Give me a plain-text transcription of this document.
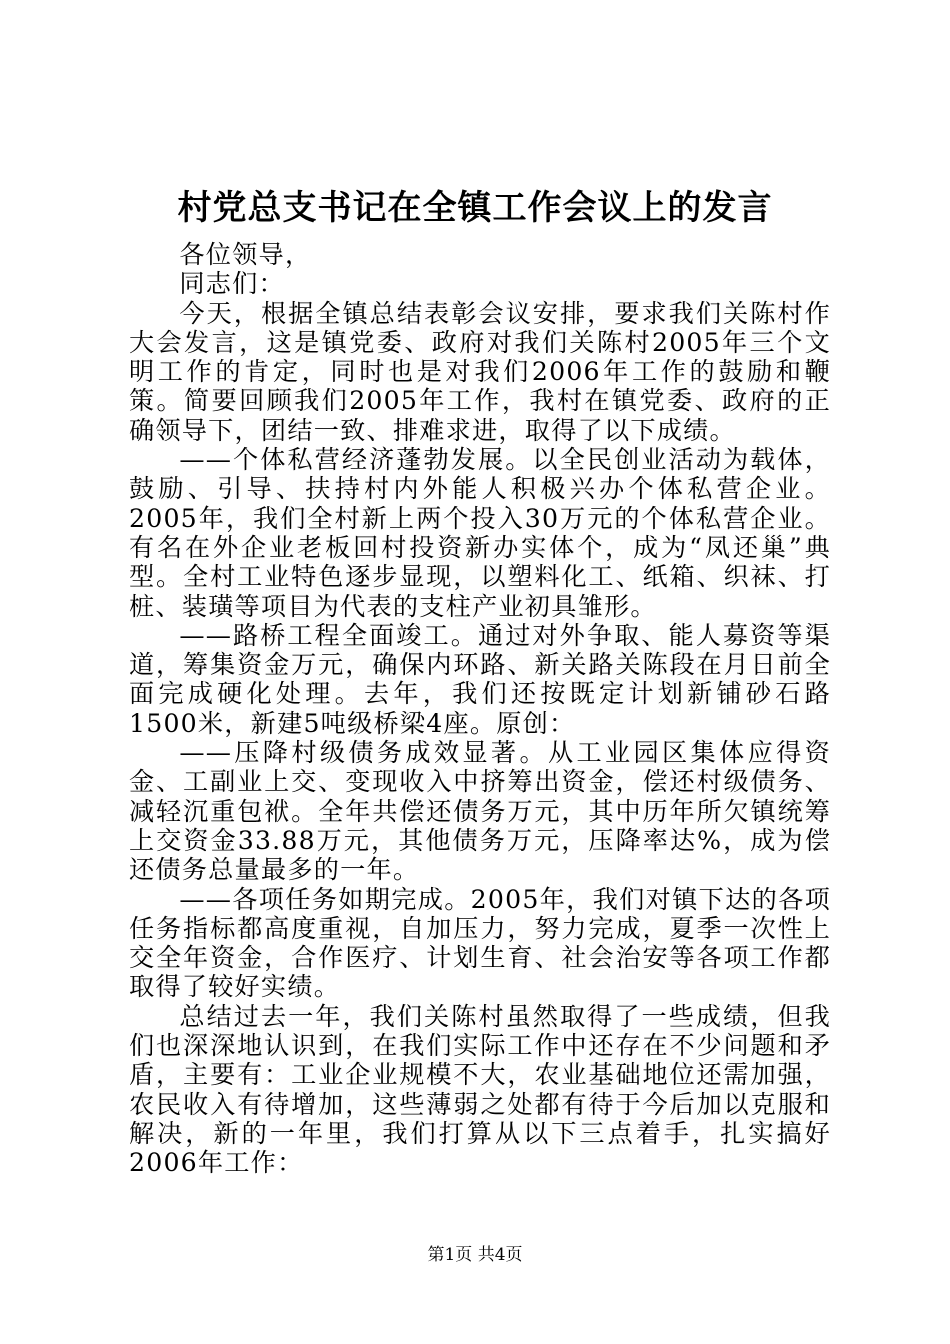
村党总支书记在全镇工作会议上的发言

各位领导，

同志们：

今天，根据全镇总结表彰会议安排，要求我们关陈村作大会发言，这是镇党委、政府对我们关陈村2005年三个文明工作的肯定，同时也是对我们2006年工作的鼓励和鞭策。简要回顾我们2005年工作，我村在镇党委、政府的正确领导下，团结一致、排难求进，取得了以下成绩。

——个体私营经济蓬勃发展。以全民创业活动为载体，鼓励、引导、扶持村内外能人积极兴办个体私营企业。2005年，我们全村新上两个投入30万元的个体私营企业。有名在外企业老板回村投资新办实体个，成为“凤还巢”典型。全村工业特色逐步显现，以塑料化工、纸箱、织袜、打桩、装璜等项目为代表的支柱产业初具雏形。

——路桥工程全面竣工。通过对外争取、能人募资等渠道，筹集资金万元，确保内环路、新关路关陈段在月日前全面完成硬化处理。去年，我们还按既定计划新铺砂石路1500米，新建5吨级桥梁4座。原创：

——压降村级债务成效显著。从工业园区集体应得资金、工副业上交、变现收入中挤筹出资金，偿还村级债务、减轻沉重包袱。全年共偿还债务万元，其中历年所欠镇统筹上交资金33.88万元，其他债务万元，压降率达%，成为偿还债务总量最多的一年。

——各项任务如期完成。2005年，我们对镇下达的各项任务指标都高度重视，自加压力，努力完成，夏季一次性上交全年资金，合作医疗、计划生育、社会治安等各项工作都取得了较好实绩。

总结过去一年，我们关陈村虽然取得了一些成绩，但我们也深深地认识到，在我们实际工作中还存在不少问题和矛盾，主要有：工业企业规模不大，农业基础地位还需加强，农民收入有待增加，这些薄弱之处都有待于今后加以克服和解决，新的一年里，我们打算从以下三点着手，扎实搞好2006年工作：

第1页 共4页
